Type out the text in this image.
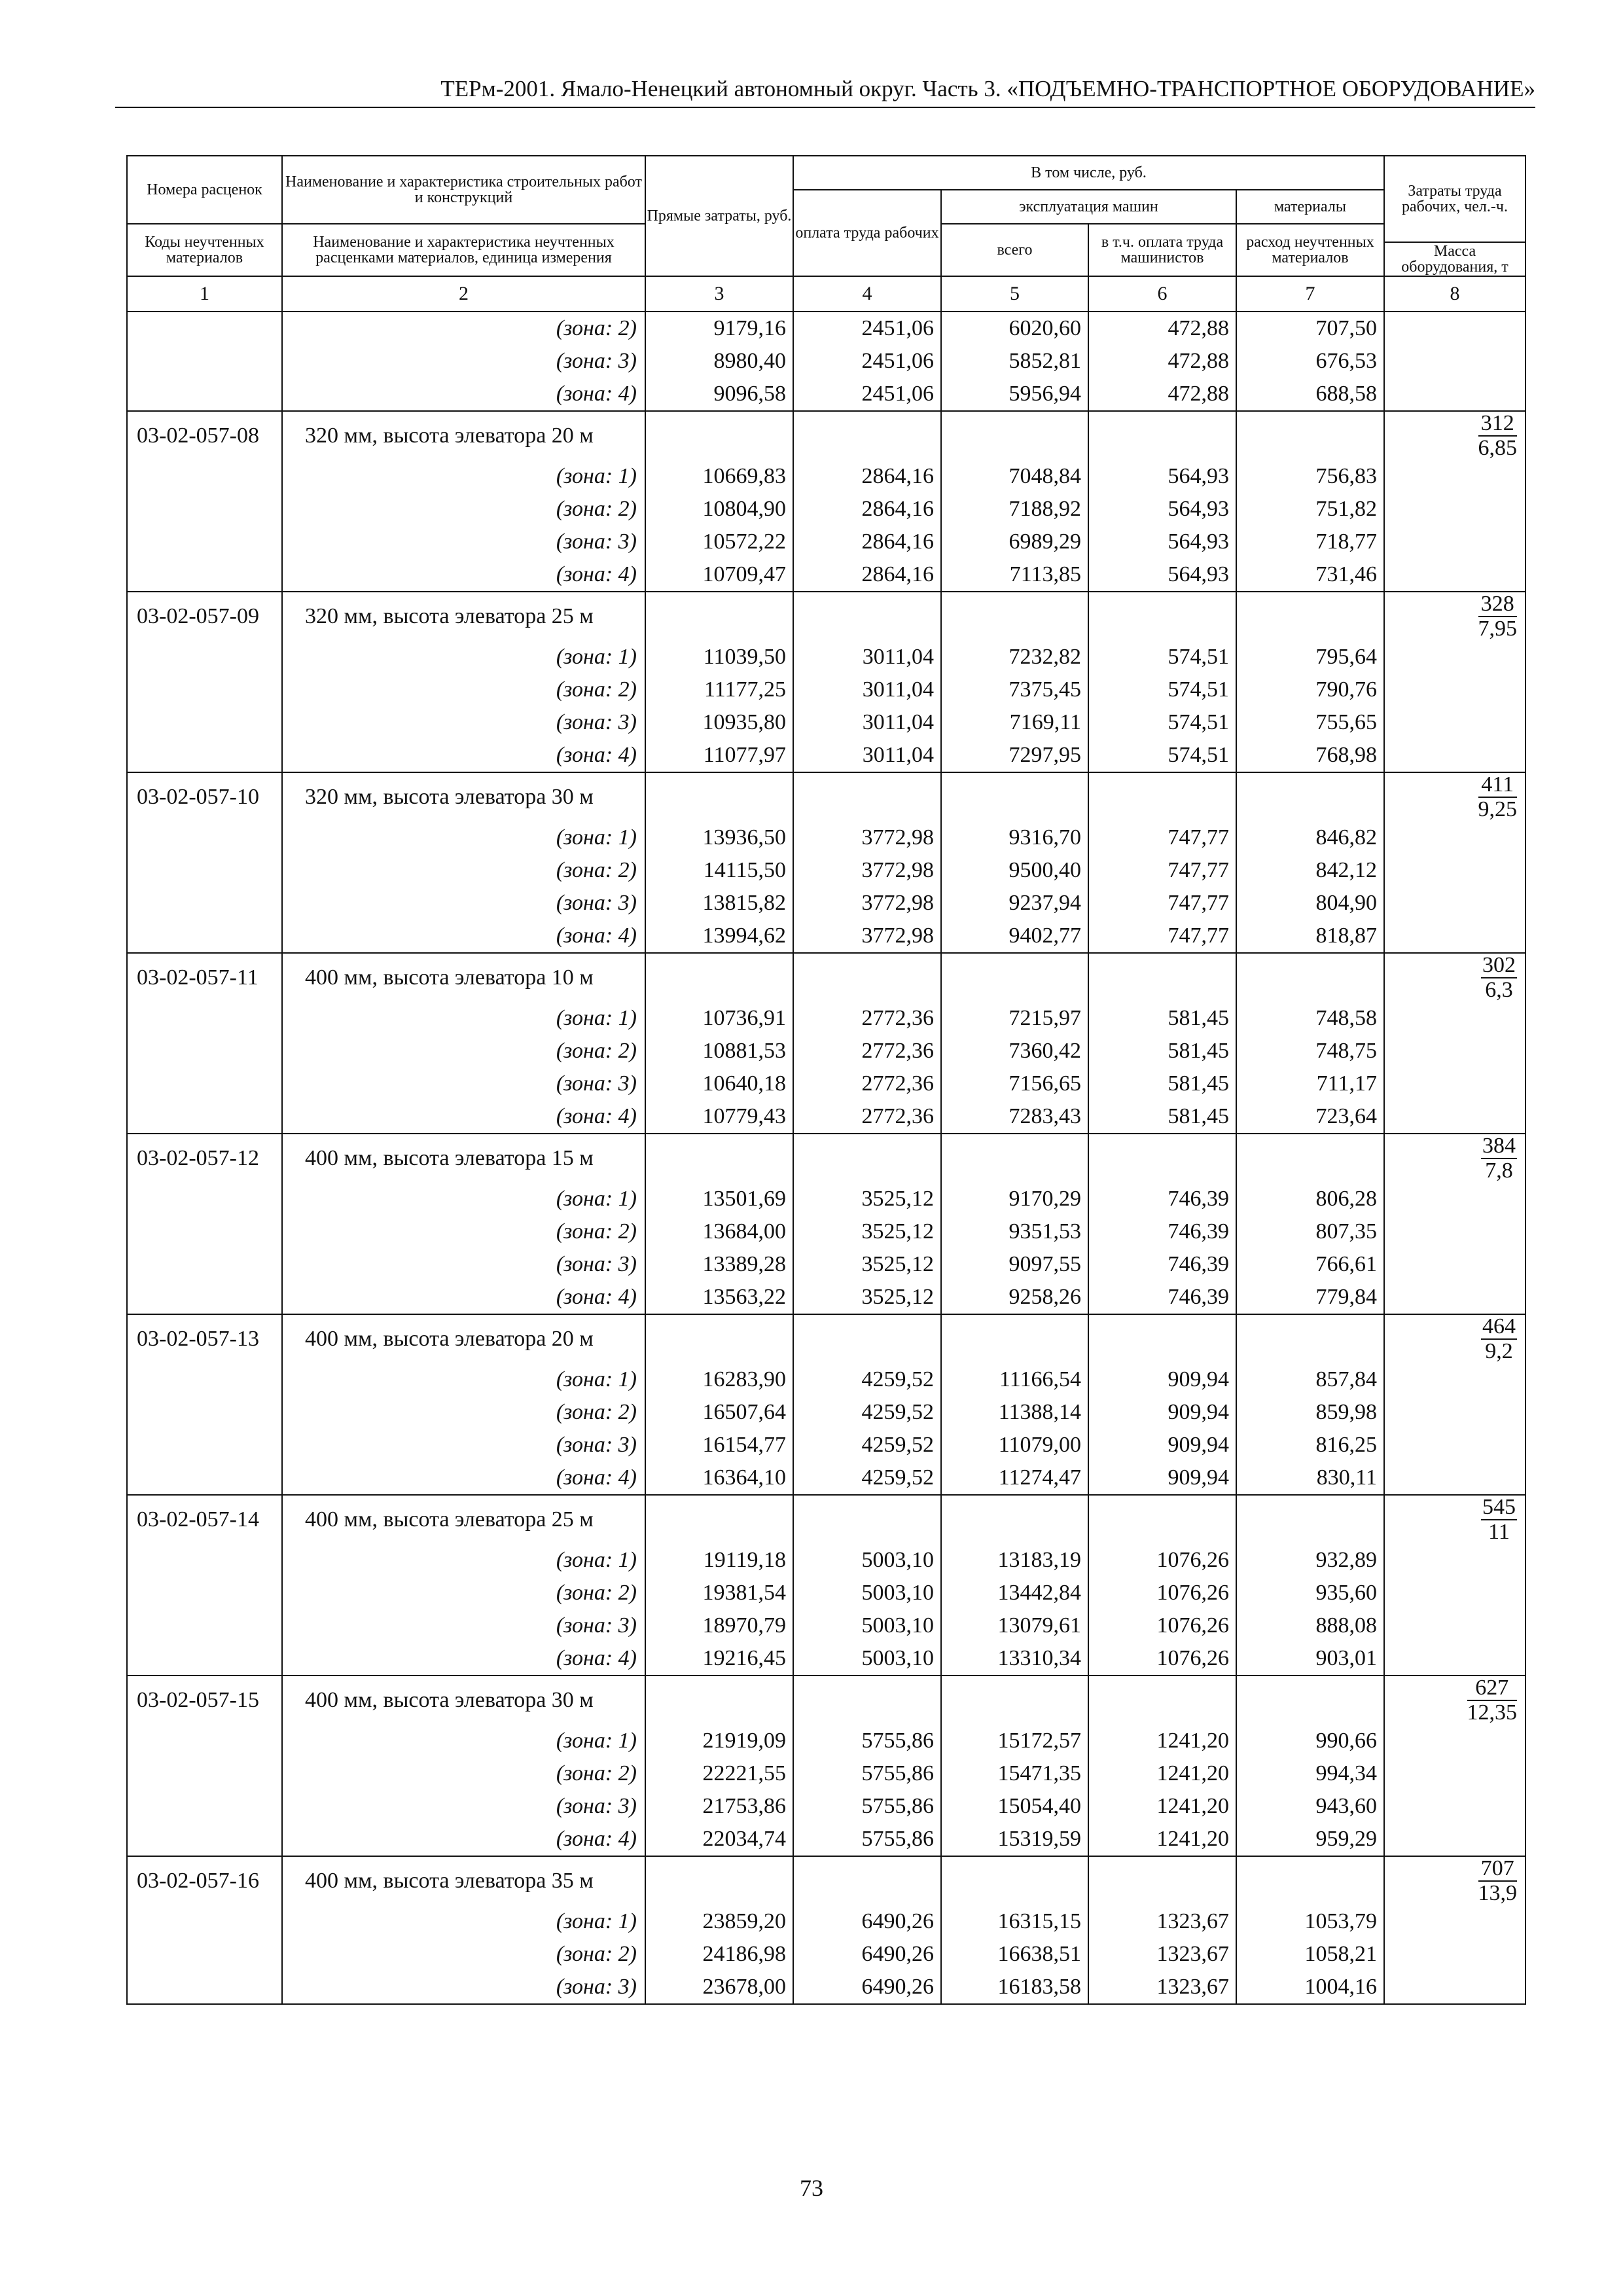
ТЕРм-2001. Ямало-Ненецкий автономный округ. Часть 3. «ПОДЪЕМНО-ТРАНСПОРТНОЕ ОБОРУДОВАНИЕ»
Номера расценок	Наименование и характеристика строительных работ и конструкций	Прямые затраты, руб.	В том числе, руб.				Затраты труда рабочих, чел.-ч.
			оплата труда рабочих	эксплуатация машин		материалы	
Коды неучтенных материалов	Наименование и характеристика неучтенных расценками материалов, единица измерения			всего	в т.ч. оплата труда машинистов	расход неучтенных материалов	
							Масса оборудования, т
1	2	3	4	5	6	7	8
	(зона: 2)	9179,16	2451,06	6020,60	472,88	707,50	
	(зона: 3)	8980,40	2451,06	5852,81	472,88	676,53	
	(зона: 4)	9096,58	2451,06	5956,94	472,88	688,58	
03-02-057-08	320 мм, высота элеватора 20 м						$\frac{312}{6,85}$

	(зона: 1)	10669,83	2864,16	7048,84	564,93	756,83	
	(зона: 2)	10804,90	2864,16	7188,92	564,93	751,82	
	(зона: 3)	10572,22	2864,16	6989,29	564,93	718,77	
	(зона: 4)	10709,47	2864,16	7113,85	564,93	731,46	
03-02-057-09	320 мм, высота элеватора 25 м						$\frac{328}{7,95}$

	(зона: 1)	11039,50	3011,04	7232,82	574,51	795,64	
	(зона: 2)	11177,25	3011,04	7375,45	574,51	790,76	
	(зона: 3)	10935,80	3011,04	7169,11	574,51	755,65	
	(зона: 4)	11077,97	3011,04	7297,95	574,51	768,98	
03-02-057-10	320 мм, высота элеватора 30 м						$\frac{411}{9,25}$

	(зона: 1)	13936,50	3772,98	9316,70	747,77	846,82	
	(зона: 2)	14115,50	3772,98	9500,40	747,77	842,12	
	(зона: 3)	13815,82	3772,98	9237,94	747,77	804,90	
	(зона: 4)	13994,62	3772,98	9402,77	747,77	818,87	
03-02-057-11	400 мм, высота элеватора 10 м						$\frac{302}{6,3}$

	(зона: 1)	10736,91	2772,36	7215,97	581,45	748,58	
	(зона: 2)	10881,53	2772,36	7360,42	581,45	748,75	
	(зона: 3)	10640,18	2772,36	7156,65	581,45	711,17	
	(зона: 4)	10779,43	2772,36	7283,43	581,45	723,64	
03-02-057-12	400 мм, высота элеватора 15 м						$\frac{384}{7,8}$

	(зона: 1)	13501,69	3525,12	9170,29	746,39	806,28	
	(зона: 2)	13684,00	3525,12	9351,53	746,39	807,35	
	(зона: 3)	13389,28	3525,12	9097,55	746,39	766,61	
	(зона: 4)	13563,22	3525,12	9258,26	746,39	779,84	
03-02-057-13	400 мм, высота элеватора 20 м						$\frac{464}{9,2}$

	(зона: 1)	16283,90	4259,52	11166,54	909,94	857,84	
	(зона: 2)	16507,64	4259,52	11388,14	909,94	859,98	
	(зона: 3)	16154,77	4259,52	11079,00	909,94	816,25	
	(зона: 4)	16364,10	4259,52	11274,47	909,94	830,11	
03-02-057-14	400 мм, высота элеватора 25 м						$\frac{545}{11}$

	(зона: 1)	19119,18	5003,10	13183,19	1076,26	932,89	
	(зона: 2)	19381,54	5003,10	13442,84	1076,26	935,60	
	(зона: 3)	18970,79	5003,10	13079,61	1076,26	888,08	
	(зона: 4)	19216,45	5003,10	13310,34	1076,26	903,01	
03-02-057-15	400 мм, высота элеватора 30 м						$\frac{627}{12,35}$

	(зона: 1)	21919,09	5755,86	15172,57	1241,20	990,66	
	(зона: 2)	22221,55	5755,86	15471,35	1241,20	994,34	
	(зона: 3)	21753,86	5755,86	15054,40	1241,20	943,60	
	(зона: 4)	22034,74	5755,86	15319,59	1241,20	959,29	
03-02-057-16	400 мм, высота элеватора 35 м						$\frac{707}{13,9}$

	(зона: 1)	23859,20	6490,26	16315,15	1323,67	1053,79	
	(зона: 2)	24186,98	6490,26	16638,51	1323,67	1058,21	
	(зона: 3)	23678,00	6490,26	16183,58	1323,67	1004,16	
73
